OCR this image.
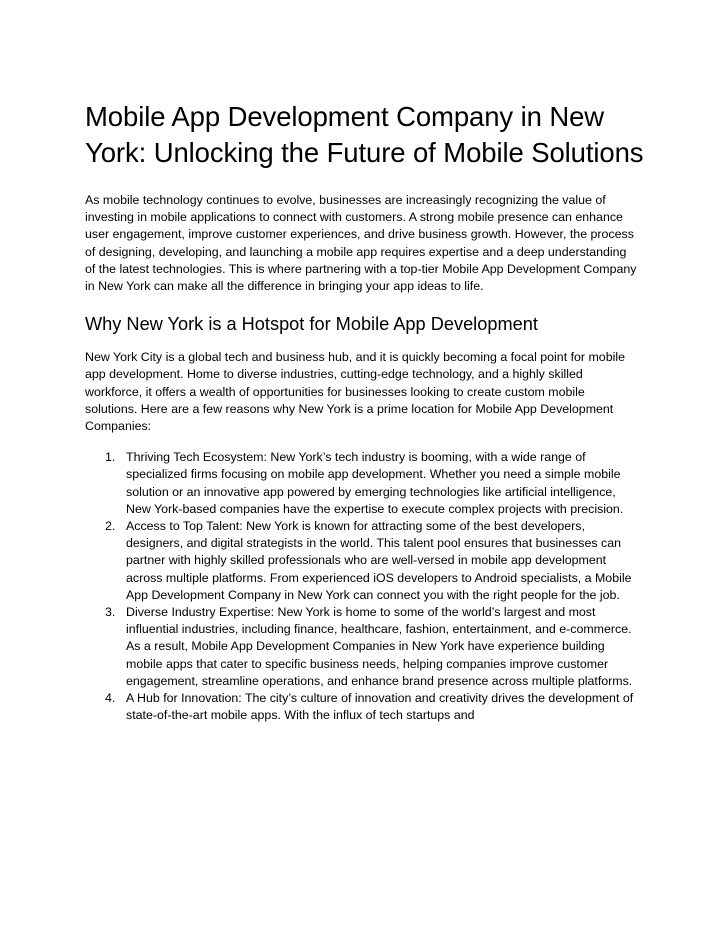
Mobile App Development Company in New York: Unlocking the Future of Mobile Solutions

As mobile technology continues to evolve, businesses are increasingly recognizing the value of investing in mobile applications to connect with customers. A strong mobile presence can enhance user engagement, improve customer experiences, and drive business growth. However, the process of designing, developing, and launching a mobile app requires expertise and a deep understanding of the latest technologies. This is where partnering with a top-tier Mobile App Development Company in New York can make all the difference in bringing your app ideas to life.

Why New York is a Hotspot for Mobile App Development

New York City is a global tech and business hub, and it is quickly becoming a focal point for mobile app development. Home to diverse industries, cutting-edge technology, and a highly skilled workforce, it offers a wealth of opportunities for businesses looking to create custom mobile solutions. Here are a few reasons why New York is a prime location for Mobile App Development Companies:

1. Thriving Tech Ecosystem: New York’s tech industry is booming, with a wide range of specialized firms focusing on mobile app development. Whether you need a simple mobile solution or an innovative app powered by emerging technologies like artificial intelligence, New York-based companies have the expertise to execute complex projects with precision.
2. Access to Top Talent: New York is known for attracting some of the best developers, designers, and digital strategists in the world. This talent pool ensures that businesses can partner with highly skilled professionals who are well-versed in mobile app development across multiple platforms. From experienced iOS developers to Android specialists, a Mobile App Development Company in New York can connect you with the right people for the job.
3. Diverse Industry Expertise: New York is home to some of the world’s largest and most influential industries, including finance, healthcare, fashion, entertainment, and e-commerce. As a result, Mobile App Development Companies in New York have experience building mobile apps that cater to specific business needs, helping companies improve customer engagement, streamline operations, and enhance brand presence across multiple platforms.
4. A Hub for Innovation: The city’s culture of innovation and creativity drives the development of state-of-the-art mobile apps. With the influx of tech startups and
